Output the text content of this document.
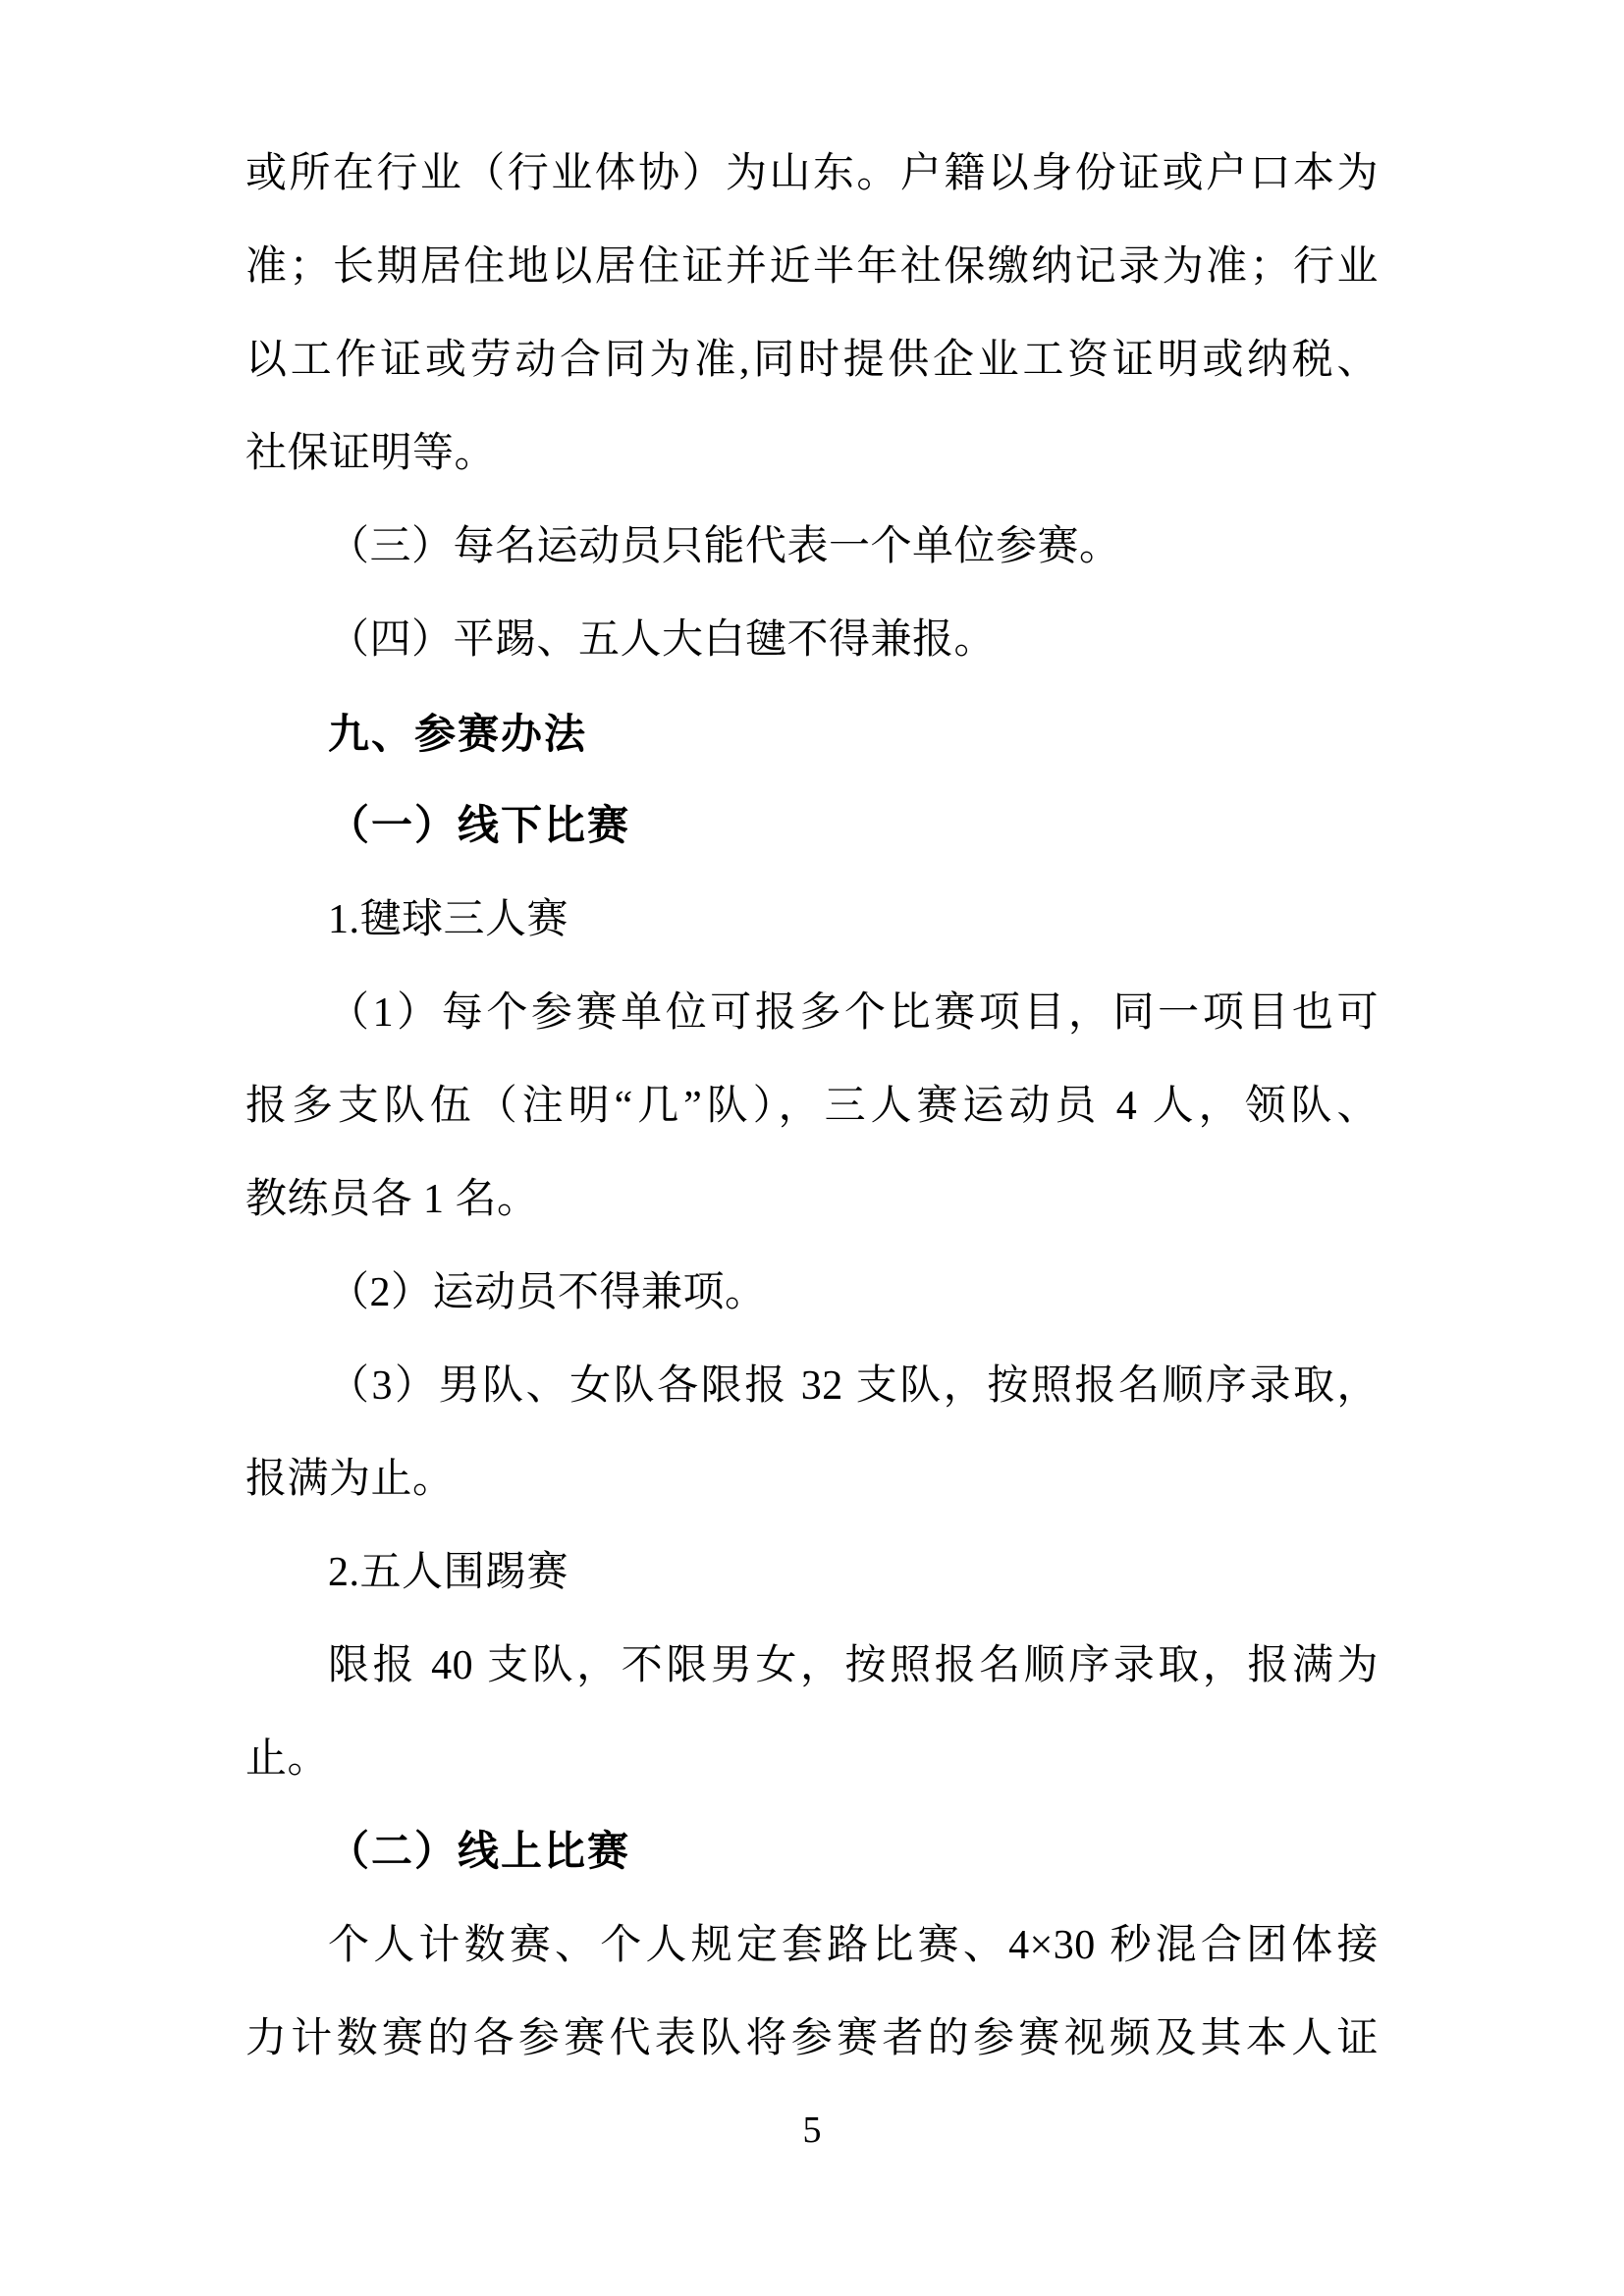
或所在行业（行业体协）为山东。户籍以身份证或户口本为
准；长期居住地以居住证并近半年社保缴纳记录为准；行业
以工作证或劳动合同为准,同时提供企业工资证明或纳税、
社保证明等。
（三）每名运动员只能代表一个单位参赛。
（四）平踢、五人大白毽不得兼报。
九、参赛办法
（一）线下比赛
1.毽球三人赛
（1）每个参赛单位可报多个比赛项目，同一项目也可
报多支队伍（注明“几”队），三人赛运动员 4 人，领队、
教练员各 1 名。
（2）运动员不得兼项。
（3）男队、女队各限报 32 支队，按照报名顺序录取，
报满为止。
2.五人围踢赛
限报 40 支队，不限男女，按照报名顺序录取，报满为
止。
（二）线上比赛
个人计数赛、个人规定套路比赛、4×30 秒混合团体接
力计数赛的各参赛代表队将参赛者的参赛视频及其本人证
5
